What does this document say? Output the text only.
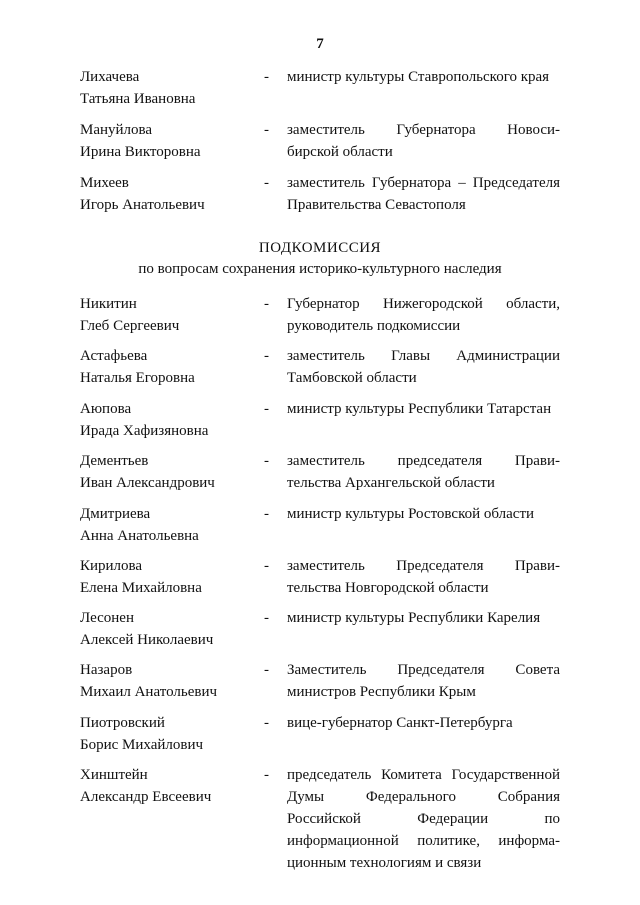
7
Лихачева
Татьяна Ивановна
- министр культуры Ставропольского края
Мануйлова
Ирина Викторовна
- заместитель Губернатора Новоси-
бирской области
Михеев
Игорь Анатольевич
- заместитель Губернатора – Председателя
Правительства Севастополя
ПОДКОМИССИЯ
по вопросам сохранения историко-культурного наследия
Никитин
Глеб Сергеевич
- Губернатор Нижегородской области,
руководитель подкомиссии
Астафьева
Наталья Егоровна
- заместитель Главы Администрации
Тамбовской области
Аюпова
Ирада Хафизяновна
- министр культуры Республики Татарстан
Дементьев
Иван Александрович
- заместитель председателя Прави-
тельства Архангельской области
Дмитриева
Анна Анатольевна
- министр культуры Ростовской области
Кирилова
Елена Михайловна
- заместитель Председателя Прави-
тельства Новгородской области
Лесонен
Алексей Николаевич
- министр культуры Республики Карелия
Назаров
Михаил Анатольевич
- Заместитель Председателя Совета
министров Республики Крым
Пиотровский
Борис Михайлович
- вице-губернатор Санкт-Петербурга
Хинштейн
Александр Евсеевич
- председатель Комитета Государственной
Думы Федерального Собрания
Российской Федерации по
информационной политике, информа-
ционным технологиям и связи
